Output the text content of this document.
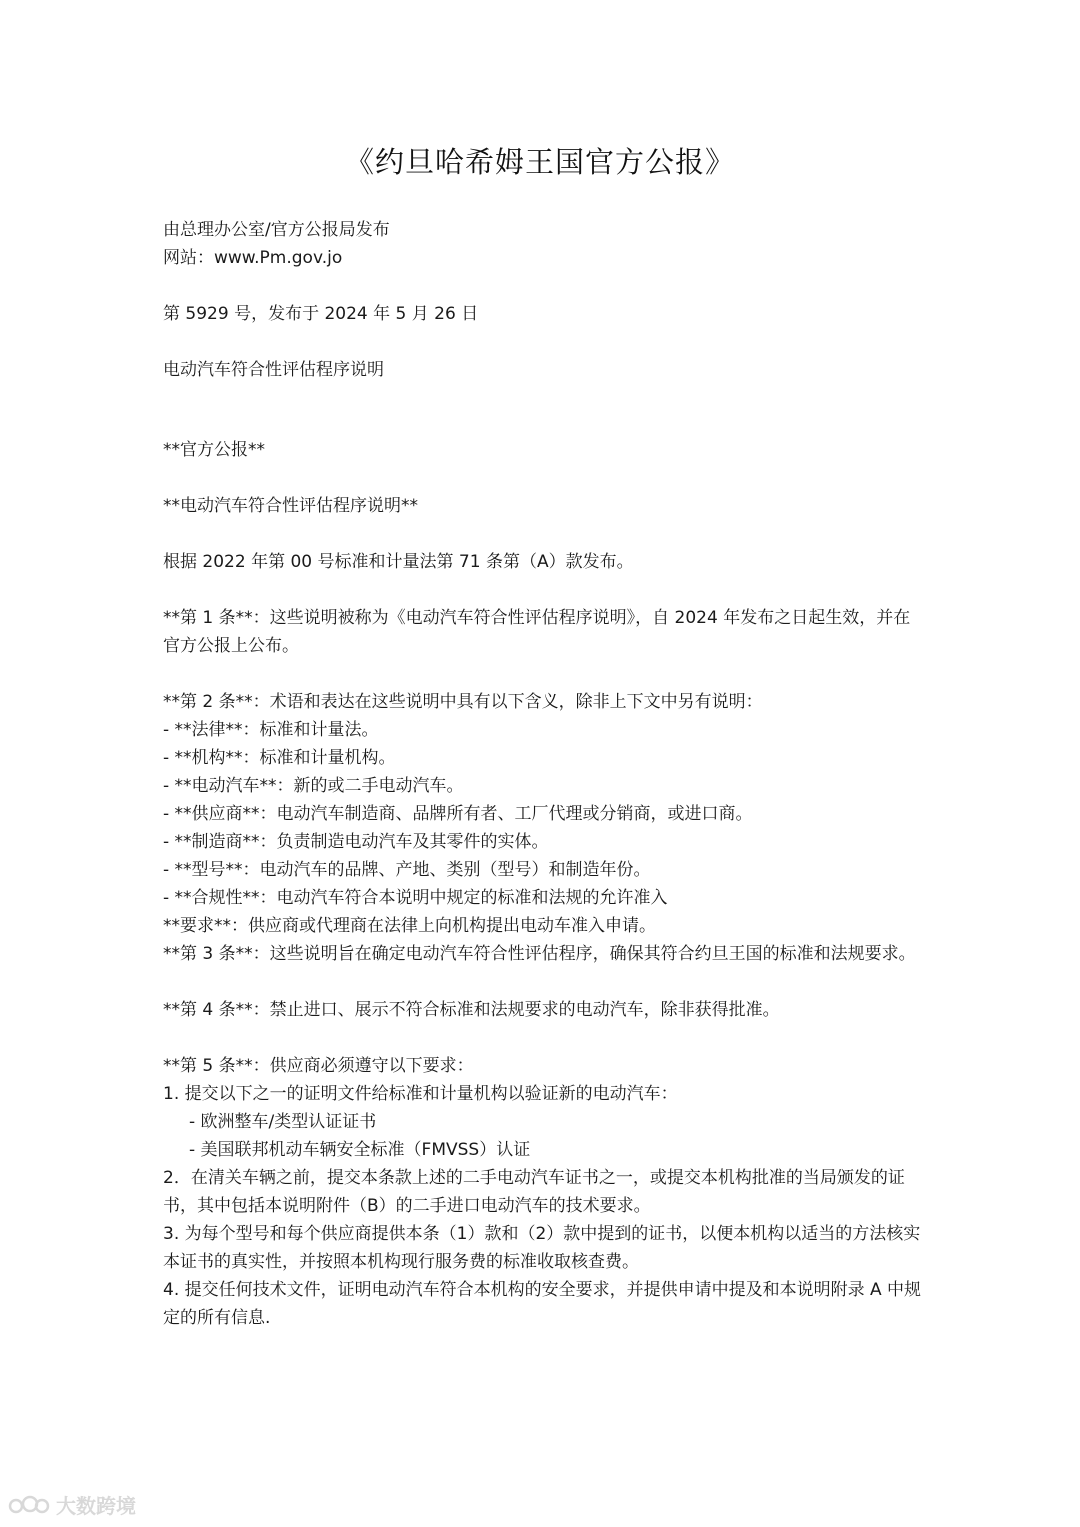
《约旦哈希姆王国官方公报》
由总理办公室/官方公报局发布
网站：www.Pm.gov.jo
第 5929 号，发布于 2024 年 5 月 26 日
电动汽车符合性评估程序说明
**官方公报**
**电动汽车符合性评估程序说明**
根据 2022 年第 00 号标准和计量法第 71 条第（A）款发布。
**第 1 条**：这些说明被称为《电动汽车符合性评估程序说明》，自 2024 年发布之日起生效，并在官方公报上公布。
**第 2 条**：术语和表达在这些说明中具有以下含义，除非上下文中另有说明：
- **法律**：标准和计量法。
- **机构**：标准和计量机构。
- **电动汽车**：新的或二手电动汽车。
- **供应商**：电动汽车制造商、品牌所有者、工厂代理或分销商，或进口商。
- **制造商**：负责制造电动汽车及其零件的实体。
- **型号**：电动汽车的品牌、产地、类别（型号）和制造年份。
- **合规性**：电动汽车符合本说明中规定的标准和法规的允许准入
**要求**：供应商或代理商在法律上向机构提出电动车准入申请。
**第 3 条**：这些说明旨在确定电动汽车符合性评估程序，确保其符合约旦王国的标准和法规要求。
**第 4 条**：禁止进口、展示不符合标准和法规要求的电动汽车，除非获得批准。
**第 5 条**：供应商必须遵守以下要求：
1. 提交以下之一的证明文件给标准和计量机构以验证新的电动汽车：
- 欧洲整车/类型认证证书
- 美国联邦机动车辆安全标准（FMVSS）认证
2．在清关车辆之前，提交本条款上述的二手电动汽车证书之一，或提交本机构批准的当局颁发的证书，其中包括本说明附件（B）的二手进口电动汽车的技术要求。
3. 为每个型号和每个供应商提供本条（1）款和（2）款中提到的证书，以便本机构以适当的方法核实本证书的真实性，并按照本机构现行服务费的标准收取核查费。
4. 提交任何技术文件，证明电动汽车符合本机构的安全要求，并提供申请中提及和本说明附录 A 中规定的所有信息.
大数跨境
